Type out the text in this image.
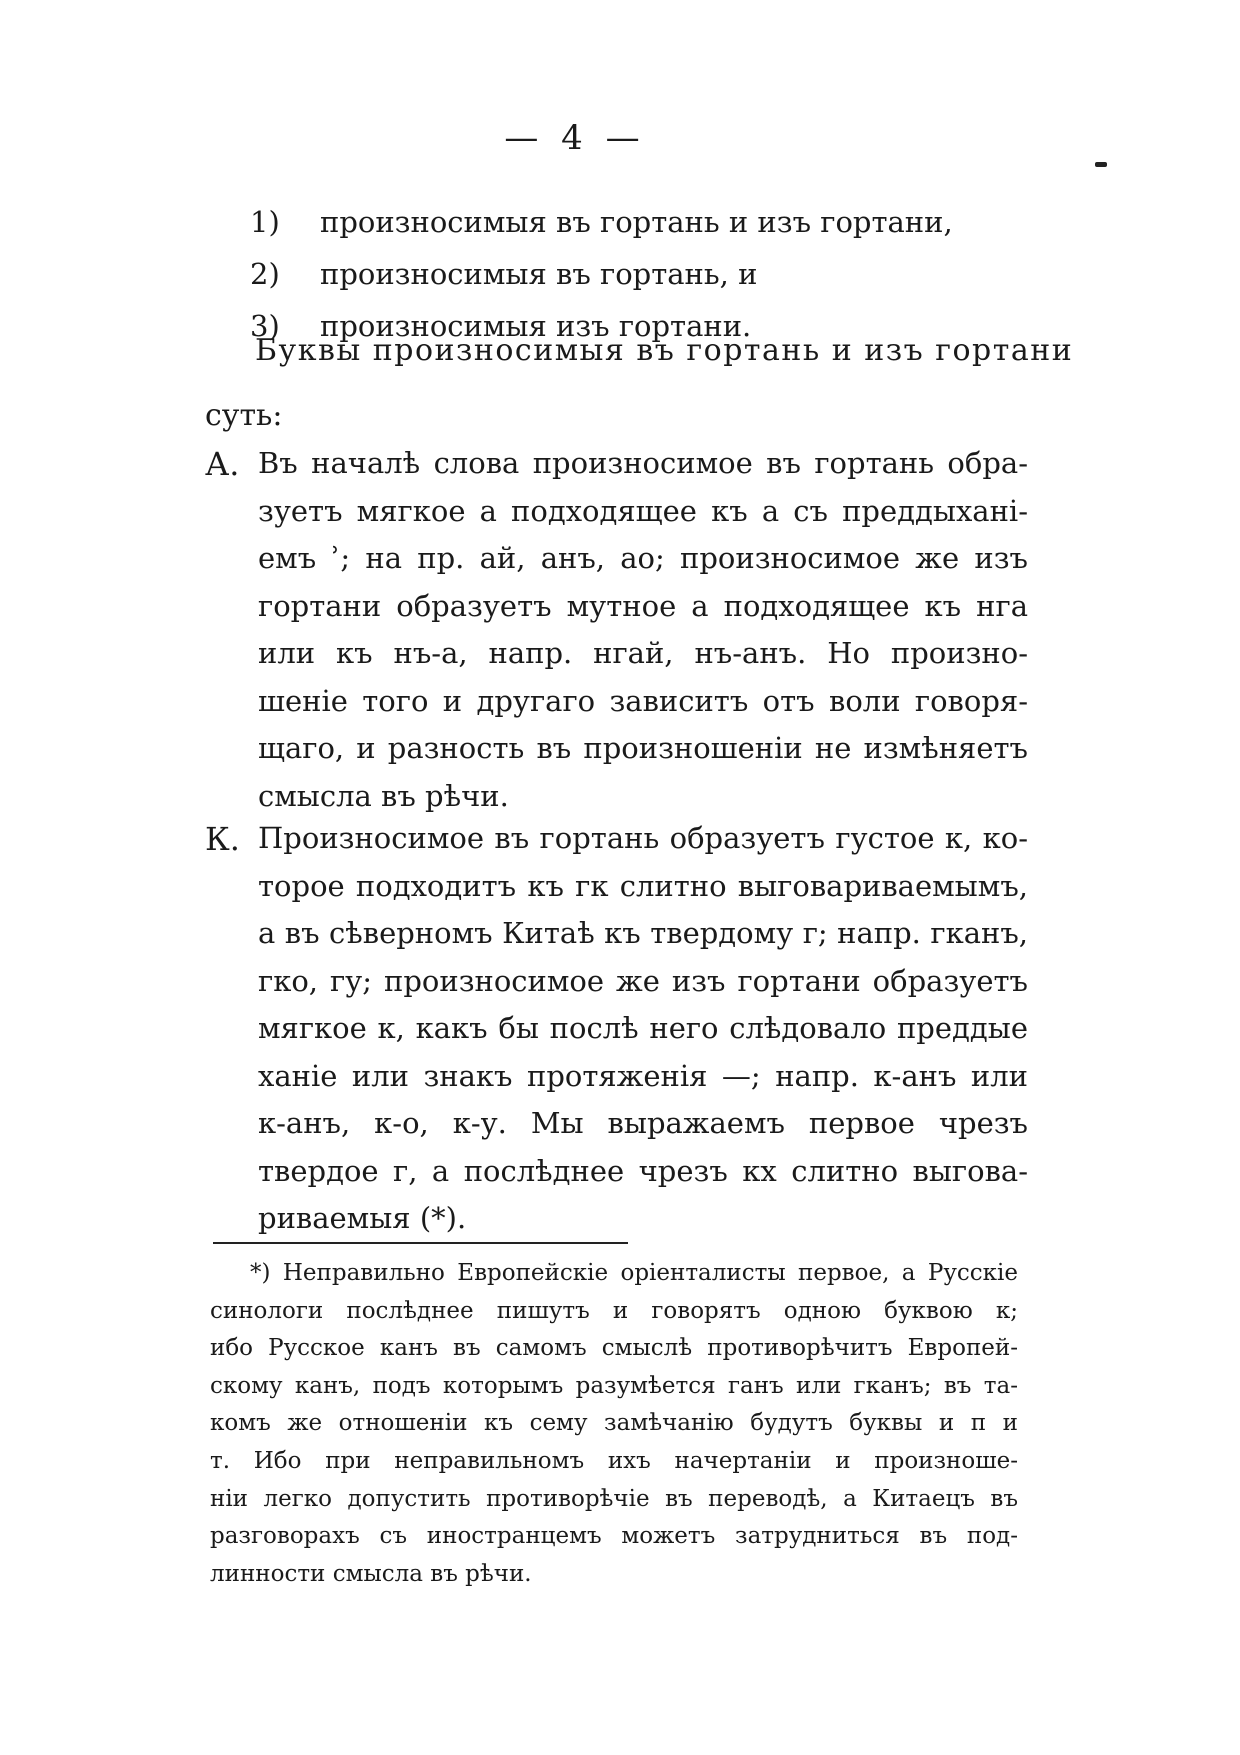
— 4 —
1)	произносимыя въ гортань и изъ гортани,
2)	произносимыя въ гортань, и
3)	произносимыя изъ гортани.
Буквы произносимыя въ гортань и изъ гортани
суть:
А. Въ началѣ слова произносимое въ гортань обра-
зуетъ мягкое а подходящее къ а съ преддыханi-
емъ ʾ; на пр. ай, анъ, ао; произносимое же изъ
гортани образуетъ мутное а подходящее къ нга
или къ нъ-а, напр. нгай, нъ-анъ. Но произно-
шенiе того и другаго зависитъ отъ воли говоря-
щаго, и разность въ произношенiи не измѣняетъ
смысла въ рѣчи.
К. Произносимое въ гортань образуетъ густое к, ко-
торое подходитъ къ гк слитно выговариваемымъ,
а въ сѣверномъ Китаѣ къ твердому г; напр. гканъ,
гко, гу; произносимое же изъ гортани образуетъ
мягкое к, какъ бы послѣ него слѣдовало преддые
ханiе или знакъ протяженiя —; напр. к-анъ или
к-анъ, к-о, к-у. Мы выражаемъ первое чрезъ
твердое г, а послѣднее чрезъ кх слитно выгова-
риваемыя (*).
*) Неправильно Европейскiе орiенталисты первое, а Русскiе
синологи послѣднее пишутъ и говорятъ одною буквою к;
ибо Русское канъ въ самомъ смыслѣ противорѣчитъ Европей-
скому канъ, подъ которымъ разумѣется ганъ или гканъ; въ та-
комъ же отношенiи къ сему замѣчанiю будутъ буквы и п и
т. Ибо при неправильномъ ихъ начертанiи и произноше-
нiи легко допустить противорѣчiе въ переводѣ, а Китаецъ въ
разговорахъ съ иностранцемъ можетъ затрудниться въ под-
линности смысла въ рѣчи.
